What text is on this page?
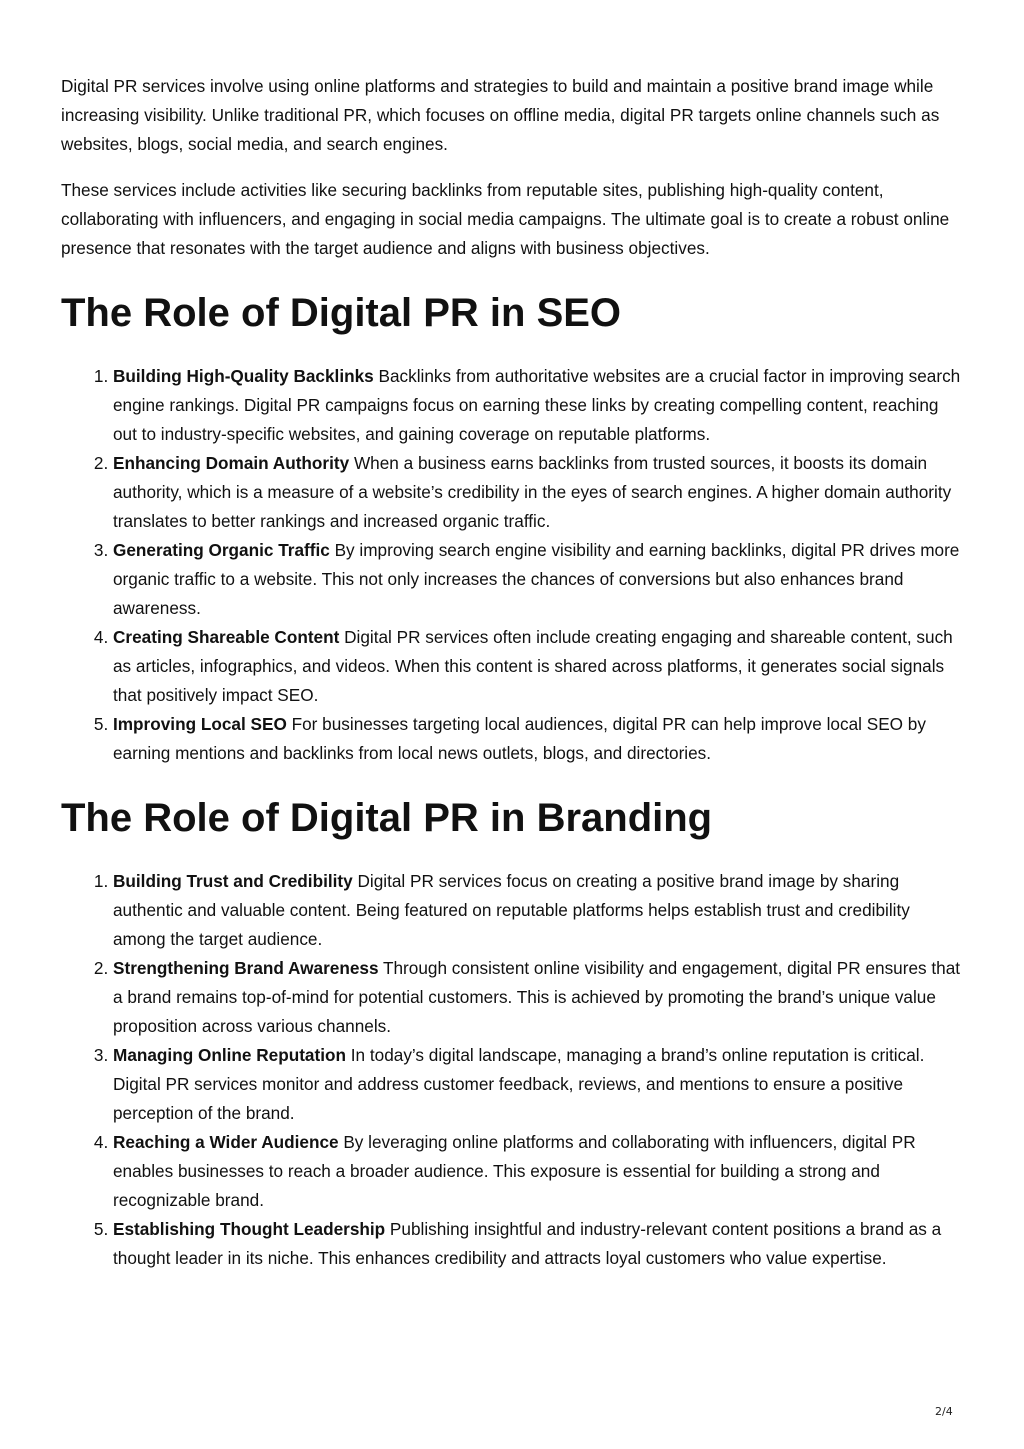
Digital PR services involve using online platforms and strategies to build and maintain a positive brand image while increasing visibility. Unlike traditional PR, which focuses on offline media, digital PR targets online channels such as websites, blogs, social media, and search engines.

These services include activities like securing backlinks from reputable sites, publishing high-quality content, collaborating with influencers, and engaging in social media campaigns. The ultimate goal is to create a robust online presence that resonates with the target audience and aligns with business objectives.

The Role of Digital PR in SEO
1. Building High-Quality Backlinks Backlinks from authoritative websites are a crucial factor in improving search engine rankings. Digital PR campaigns focus on earning these links by creating compelling content, reaching out to industry-specific websites, and gaining coverage on reputable platforms.
2. Enhancing Domain Authority When a business earns backlinks from trusted sources, it boosts its domain authority, which is a measure of a website’s credibility in the eyes of search engines. A higher domain authority translates to better rankings and increased organic traffic.
3. Generating Organic Traffic By improving search engine visibility and earning backlinks, digital PR drives more organic traffic to a website. This not only increases the chances of conversions but also enhances brand awareness.
4. Creating Shareable Content Digital PR services often include creating engaging and shareable content, such as articles, infographics, and videos. When this content is shared across platforms, it generates social signals that positively impact SEO.
5. Improving Local SEO For businesses targeting local audiences, digital PR can help improve local SEO by earning mentions and backlinks from local news outlets, blogs, and directories.
The Role of Digital PR in Branding
1. Building Trust and Credibility Digital PR services focus on creating a positive brand image by sharing authentic and valuable content. Being featured on reputable platforms helps establish trust and credibility among the target audience.
2. Strengthening Brand Awareness Through consistent online visibility and engagement, digital PR ensures that a brand remains top-of-mind for potential customers. This is achieved by promoting the brand’s unique value proposition across various channels.
3. Managing Online Reputation In today’s digital landscape, managing a brand’s online reputation is critical. Digital PR services monitor and address customer feedback, reviews, and mentions to ensure a positive perception of the brand.
4. Reaching a Wider Audience By leveraging online platforms and collaborating with influencers, digital PR enables businesses to reach a broader audience. This exposure is essential for building a strong and recognizable brand.
5. Establishing Thought Leadership Publishing insightful and industry-relevant content positions a brand as a thought leader in its niche. This enhances credibility and attracts loyal customers who value expertise.
2/4
